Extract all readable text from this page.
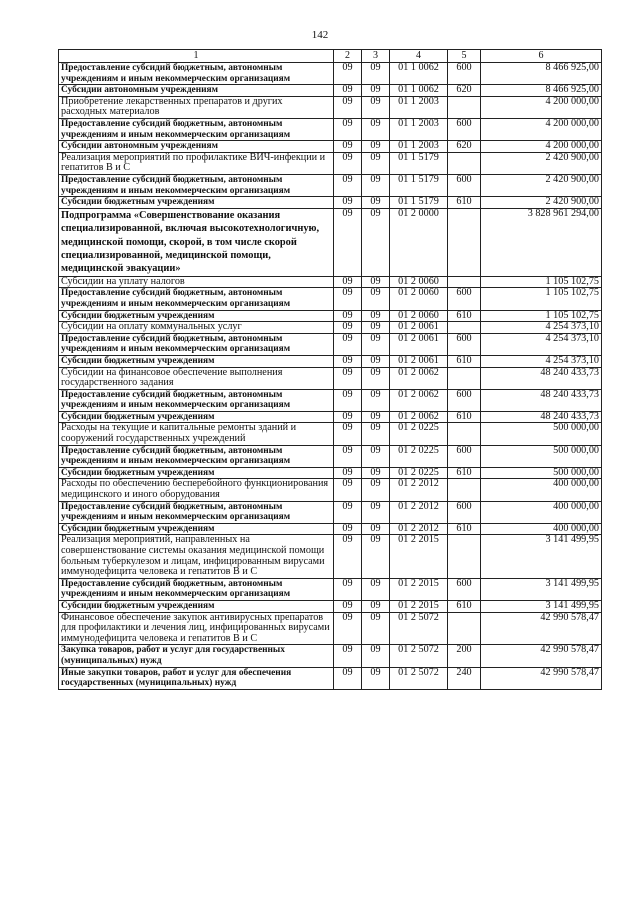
142
1	2	3	4	5	6
Предоставление субсидий бюджетным, автономным учреждениям и иным некоммерческим организациям	09	09	01 1 0062	600	8 466 925,00
Субсидии автономным учреждениям	09	09	01 1 0062	620	8 466 925,00
Приобретение лекарственных препаратов и других расходных материалов	09	09	01 1 2003		4 200 000,00
Предоставление субсидий бюджетным, автономным учреждениям и иным некоммерческим организациям	09	09	01 1 2003	600	4 200 000,00
Субсидии автономным учреждениям	09	09	01 1 2003	620	4 200 000,00
Реализация мероприятий по профилактике ВИЧ-инфекции и гепатитов В и С	09	09	01 1 5179		2 420 900,00
Предоставление субсидий бюджетным, автономным учреждениям и иным некоммерческим организациям	09	09	01 1 5179	600	2 420 900,00
Субсидии бюджетным учреждениям	09	09	01 1 5179	610	2 420 900,00
Подпрограмма «Совершенствование оказания специализированной, включая высокотехнологичную, медицинской помощи, скорой, в том числе скорой специализированной, медицинской помощи, медицинской эвакуации»	09	09	01 2 0000		3 828 961 294,00
Субсидии на уплату налогов	09	09	01 2 0060		1 105 102,75
Предоставление субсидий бюджетным, автономным учреждениям и иным некоммерческим организациям	09	09	01 2 0060	600	1 105 102,75
Субсидии бюджетным учреждениям	09	09	01 2 0060	610	1 105 102,75
Субсидии на оплату коммунальных услуг	09	09	01 2 0061		4 254 373,10
Предоставление субсидий бюджетным, автономным учреждениям и иным некоммерческим организациям	09	09	01 2 0061	600	4 254 373,10
Субсидии бюджетным учреждениям	09	09	01 2 0061	610	4 254 373,10
Субсидии на финансовое обеспечение выполнения государственного задания	09	09	01 2 0062		48 240 433,73
Предоставление субсидий бюджетным, автономным учреждениям и иным некоммерческим организациям	09	09	01 2 0062	600	48 240 433,73
Субсидии бюджетным учреждениям	09	09	01 2 0062	610	48 240 433,73
Расходы на текущие и капитальные ремонты зданий и сооружений государственных учреждений	09	09	01 2 0225		500 000,00
Предоставление субсидий бюджетным, автономным учреждениям и иным некоммерческим организациям	09	09	01 2 0225	600	500 000,00
Субсидии бюджетным учреждениям	09	09	01 2 0225	610	500 000,00
Расходы по обеспечению бесперебойного функционирования медицинского и иного оборудования	09	09	01 2 2012		400 000,00
Предоставление субсидий бюджетным, автономным учреждениям и иным некоммерческим организациям	09	09	01 2 2012	600	400 000,00
Субсидии бюджетным учреждениям	09	09	01 2 2012	610	400 000,00
Реализация мероприятий, направленных на совершенствование системы оказания медицинской помощи больным туберкулезом и лицам, инфицированным вирусами иммунодефицита человека и гепатитов В и С	09	09	01 2 2015		3 141 499,95
Предоставление субсидий бюджетным, автономным учреждениям и иным некоммерческим организациям	09	09	01 2 2015	600	3 141 499,95
Субсидии бюджетным учреждениям	09	09	01 2 2015	610	3 141 499,95
Финансовое обеспечение закупок антивирусных препаратов для профилактики и лечения лиц, инфицированных вирусами иммунодефицита человека и гепатитов В и С	09	09	01 2 5072		42 990 578,47
Закупка товаров, работ и услуг для государственных (муниципальных) нужд	09	09	01 2 5072	200	42 990 578,47
Иные закупки товаров, работ и услуг для обеспечения государственных (муниципальных) нужд	09	09	01 2 5072	240	42 990 578,47
